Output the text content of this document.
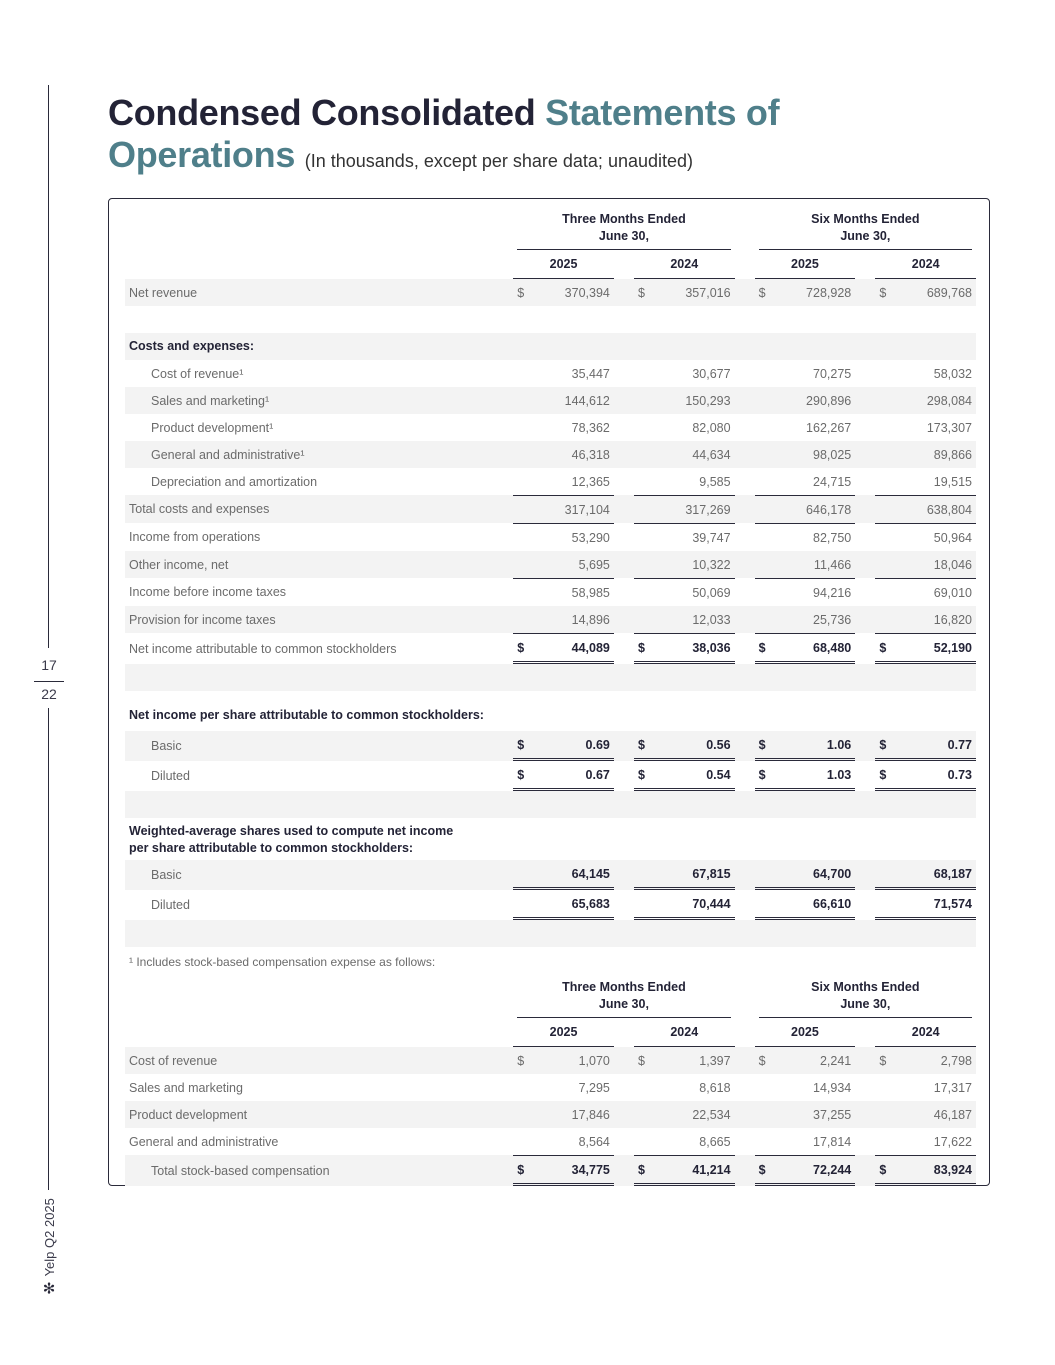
17
22
✻
Yelp Q2 2025
Condensed Consolidated Statements of Operations (In thousands, except per share data; unaudited)

	Three Months Ended
June 30,				Six Months Ended
June 30,		

	2025		2024		2025		2024
Net revenue	$ 370,394		$ 357,016		$ 728,928		$ 689,768

Costs and expenses:							
Cost of revenue¹	35,447		30,677		70,275		58,032
Sales and marketing¹	144,612		150,293		290,896		298,084
Product development¹	78,362		82,080		162,267		173,307
General and administrative¹	46,318		44,634		98,025		89,866
Depreciation and amortization	12,365		9,585		24,715		19,515
Total costs and expenses	317,104		317,269		646,178		638,804
Income from operations	53,290		39,747		82,750		50,964
Other income, net	5,695		10,322		11,466		18,046
Income before income taxes	58,985		50,069		94,216		69,010
Provision for income taxes	14,896		12,033		25,736		16,820
Net income attributable to common stockholders	$ 44,089		$ 38,036		$ 68,480		$ 52,190

Net income per share attributable to common stockholders:							
Basic	$ 0.69		$ 0.56		$ 1.06		$ 0.77
Diluted	$ 0.67		$ 0.54		$ 1.03		$ 0.73

Weighted-average shares used to compute net income
per share attributable to common stockholders:							
Basic	64,145		67,815		64,700		68,187
Diluted	65,683		70,444		66,610		71,574

¹ Includes stock-based compensation expense as follows:							

	Three Months Ended
June 30,				Six Months Ended
June 30,		

	2025		2024		2025		2024
Cost of revenue	$ 1,070		$ 1,397		$ 2,241		$ 2,798
Sales and marketing	7,295		8,618		14,934		17,317
Product development	17,846		22,534		37,255		46,187
General and administrative	8,564		8,665		17,814		17,622
Total stock-based compensation	$ 34,775		$ 41,214		$ 72,244		$ 83,924
